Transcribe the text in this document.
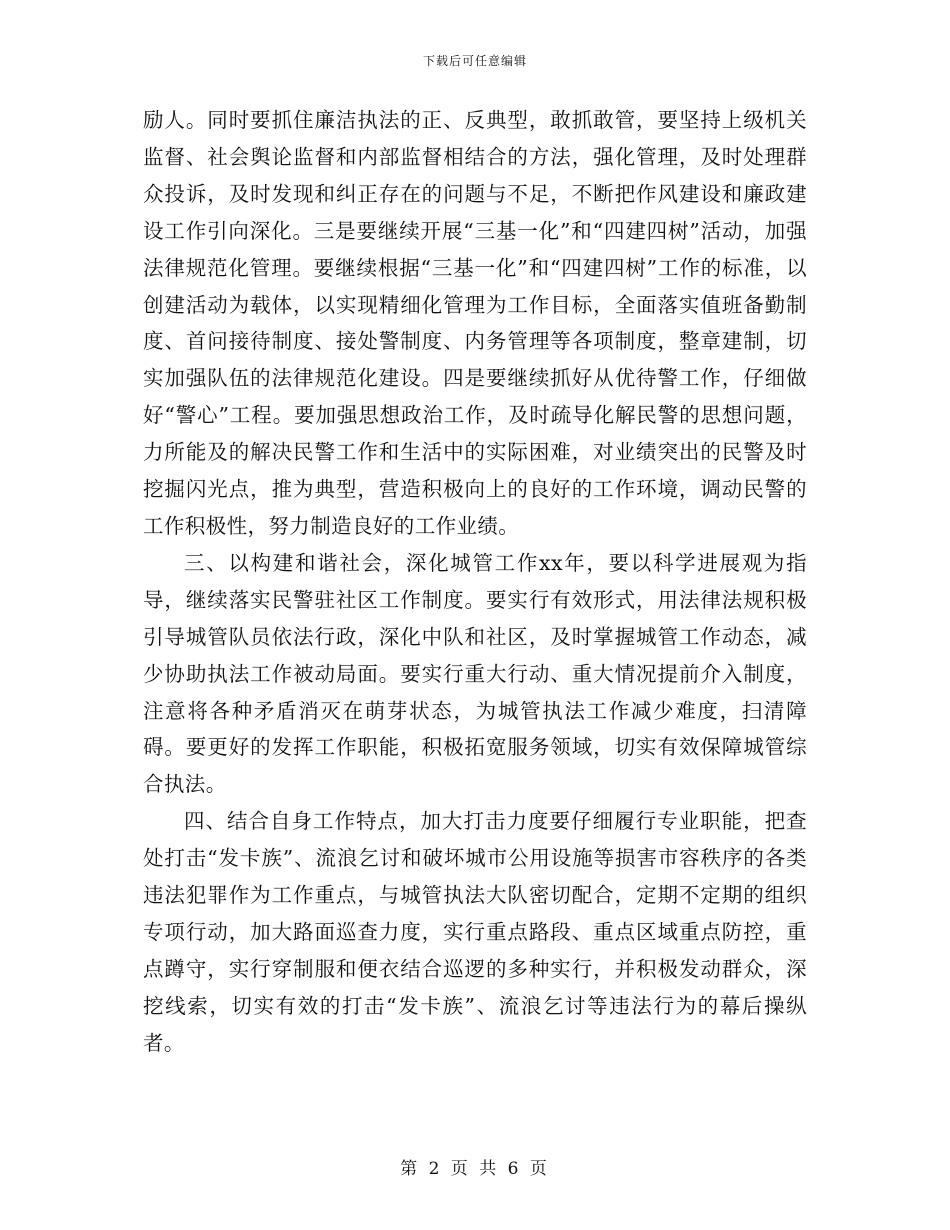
下载后可任意编辑

励人。同时要抓住廉洁执法的正、反典型，敢抓敢管，要坚持上级机关监督、社会舆论监督和内部监督相结合的方法，强化管理，及时处理群众投诉，及时发现和纠正存在的问题与不足，不断把作风建设和廉政建设工作引向深化。三是要继续开展“三基一化”和“四建四树”活动，加强法律规范化管理。要继续根据“三基一化”和“四建四树”工作的标准，以创建活动为载体，以实现精细化管理为工作目标，全面落实值班备勤制度、首问接待制度、接处警制度、内务管理等各项制度，整章建制，切实加强队伍的法律规范化建设。四是要继续抓好从优待警工作，仔细做好“警心”工程。要加强思想政治工作，及时疏导化解民警的思想问题，力所能及的解决民警工作和生活中的实际困难，对业绩突出的民警及时挖掘闪光点，推为典型，营造积极向上的良好的工作环境，调动民警的工作积极性，努力制造良好的工作业绩。

三、以构建和谐社会，深化城管工作xx年，要以科学进展观为指导，继续落实民警驻社区工作制度。要实行有效形式，用法律法规积极引导城管队员依法行政，深化中队和社区，及时掌握城管工作动态，减少协助执法工作被动局面。要实行重大行动、重大情况提前介入制度，注意将各种矛盾消灭在萌芽状态，为城管执法工作减少难度，扫清障碍。要更好的发挥工作职能，积极拓宽服务领域，切实有效保障城管综合执法。

四、结合自身工作特点，加大打击力度要仔细履行专业职能，把查处打击“发卡族”、流浪乞讨和破坏城市公用设施等损害市容秩序的各类违法犯罪作为工作重点，与城管执法大队密切配合，定期不定期的组织专项行动，加大路面巡查力度，实行重点路段、重点区域重点防控，重点蹲守，实行穿制服和便衣结合巡逻的多种实行，并积极发动群众，深挖线索，切实有效的打击“发卡族”、流浪乞讨等违法行为的幕后操纵者。

第 2 页 共 6 页
